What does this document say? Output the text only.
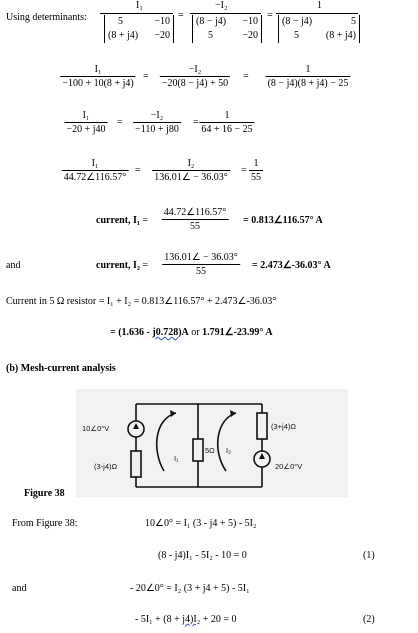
Using determinants:
I₁
5	−10
(8 + j4) −20
=
−I₂
(8 − j4) −10
5	−20
=
1
(8 − j4)	5
5	(8 + j4)
I₁
−100 + 10(8 + j4)
=
−I₂
−20(8 − j4) + 50
=
1
(8 − j4)(8 + j4) − 25
I₁
−20 + j40
=
−I₂
−110 + j80
=
1
64 + 16 − 25
I₁
44.72∠116.57°
=
I₂
136.01∠ − 36.03°
=
1
55
current, I₁ =
44.72∠116.57°
55
= 0.813∠116.57° A
and	current, I₂ =
136.01∠ − 36.03°
55
= 2.473∠-36.03° A
Current in 5 Ω resistor = I₁ + I₂ = 0.813∠116.57° + 2.473∠-36.03°
= (1.636 - j0.728)A or 1.791∠-23.99° A
(b) Mesh-current analysis
10∠0°V
(3-j4)Ω
I₁
5Ω I₂
(3+j4)Ω
20∠0°V
Figure 38
From Figure 38:	10∠0° = I₁ (3 - j4 + 5) - 5I₂
(8 - j4)I₁ - 5I₂ - 10 = 0	(1)
and	- 20∠0° = I₂ (3 + j4 + 5) - 5I₁
- 5I₁ + (8 + j4)I₂ + 20 = 0	(2)
